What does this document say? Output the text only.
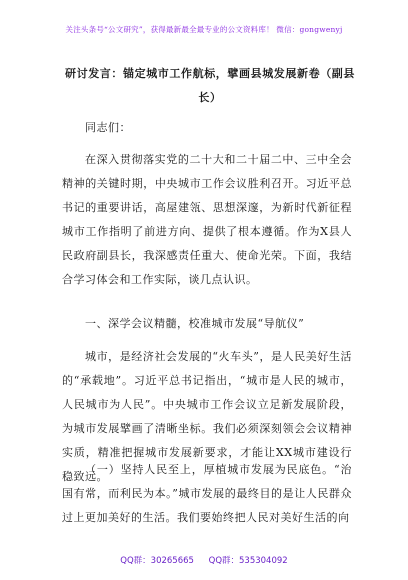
关注头条号“公文研究”，获得最新最全最专业的公文资料库！ 微信：gongwenyj
研讨发言：锚定城市工作航标，擘画县城发展新卷（副县长）
同志们：
在深入贯彻落实党的二十大和二十届二中、三中全会精神的关键时期，中央城市工作会议胜利召开。习近平总书记的重要讲话，高屋建瓴、思想深邃，为新时代新征程城市工作指明了前进方向、提供了根本遵循。作为X县人民政府副县长，我深感责任重大、使命光荣。下面，我结合学习体会和工作实际，谈几点认识。
一、深学会议精髓，校准城市发展“导航仪”
城市，是经济社会发展的“火车头”，是人民美好生活的“承载地”。习近平总书记指出，“城市是人民的城市，人民城市为人民”。中央城市工作会议立足新发展阶段，为城市发展擘画了清晰坐标。我们必须深刻领会会议精神实质，精准把握城市发展新要求，才能让XX城市建设行稳致远。
（一）坚持人民至上，厚植城市发展为民底色。“治国有常，而利民为本。”城市发展的最终目的是让人民群众过上更加美好的生活。我们要始终把人民对美好生活的向
QQ群：30265665 QQ群：535304092
